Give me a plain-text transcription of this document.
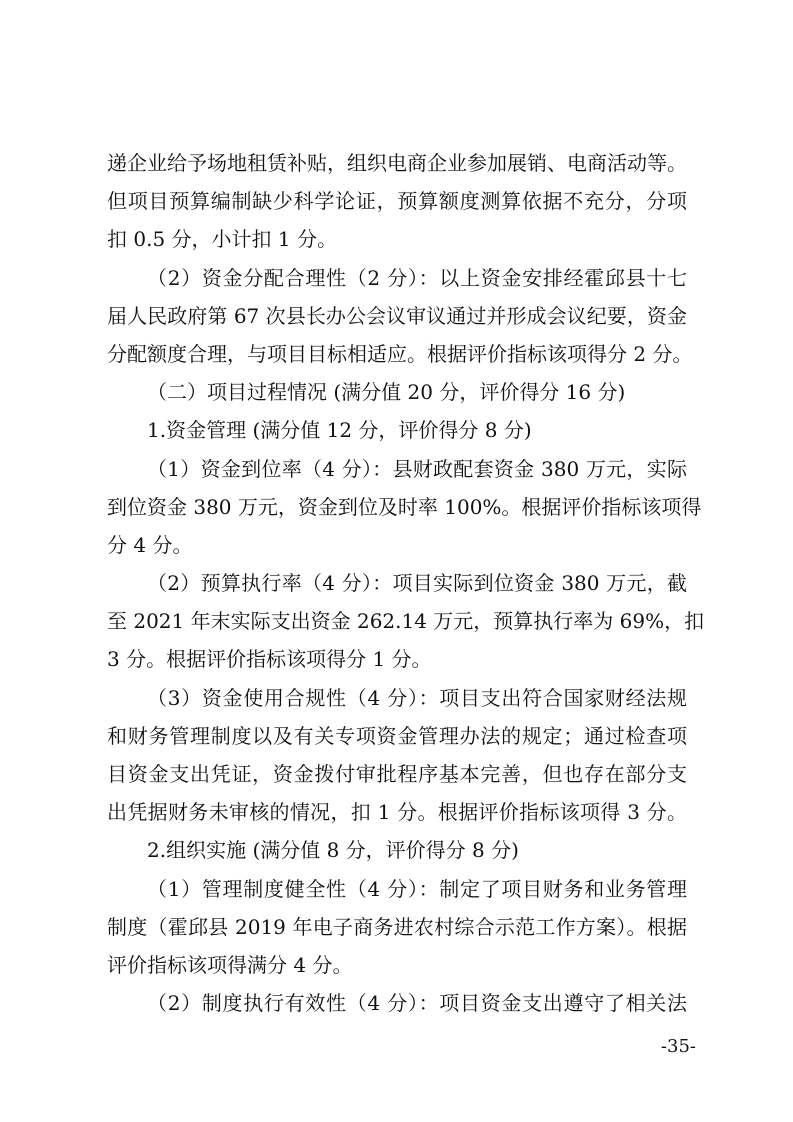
递企业给予场地租赁补贴，组织电商企业参加展销、电商活动等。
但项目预算编制缺少科学论证，预算额度测算依据不充分，分项
扣 0.5 分，小计扣 1 分。
（2）资金分配合理性（2 分）：以上资金安排经霍邱县十七
届人民政府第 67 次县长办公会议审议通过并形成会议纪要，资金
分配额度合理，与项目目标相适应。根据评价指标该项得分 2 分。
（二）项目过程情况 (满分值 20 分，评价得分 16 分)
1.资金管理 (满分值 12 分，评价得分 8 分)
（1）资金到位率（4 分）：县财政配套资金 380 万元，实际
到位资金 380 万元，资金到位及时率 100%。根据评价指标该项得
分 4 分。
（2）预算执行率（4 分）：项目实际到位资金 380 万元，截
至 2021 年末实际支出资金 262.14 万元，预算执行率为 69%，扣
3 分。根据评价指标该项得分 1 分。
（3）资金使用合规性（4 分）：项目支出符合国家财经法规
和财务管理制度以及有关专项资金管理办法的规定；通过检查项
目资金支出凭证，资金拨付审批程序基本完善，但也存在部分支
出凭据财务未审核的情况，扣 1 分。根据评价指标该项得 3 分。
2.组织实施 (满分值 8 分，评价得分 8 分)
（1）管理制度健全性（4 分）：制定了项目财务和业务管理
制度（霍邱县 2019 年电子商务进农村综合示范工作方案）。根据
评价指标该项得满分 4 分。
（2）制度执行有效性（4 分）：项目资金支出遵守了相关法
-35-
